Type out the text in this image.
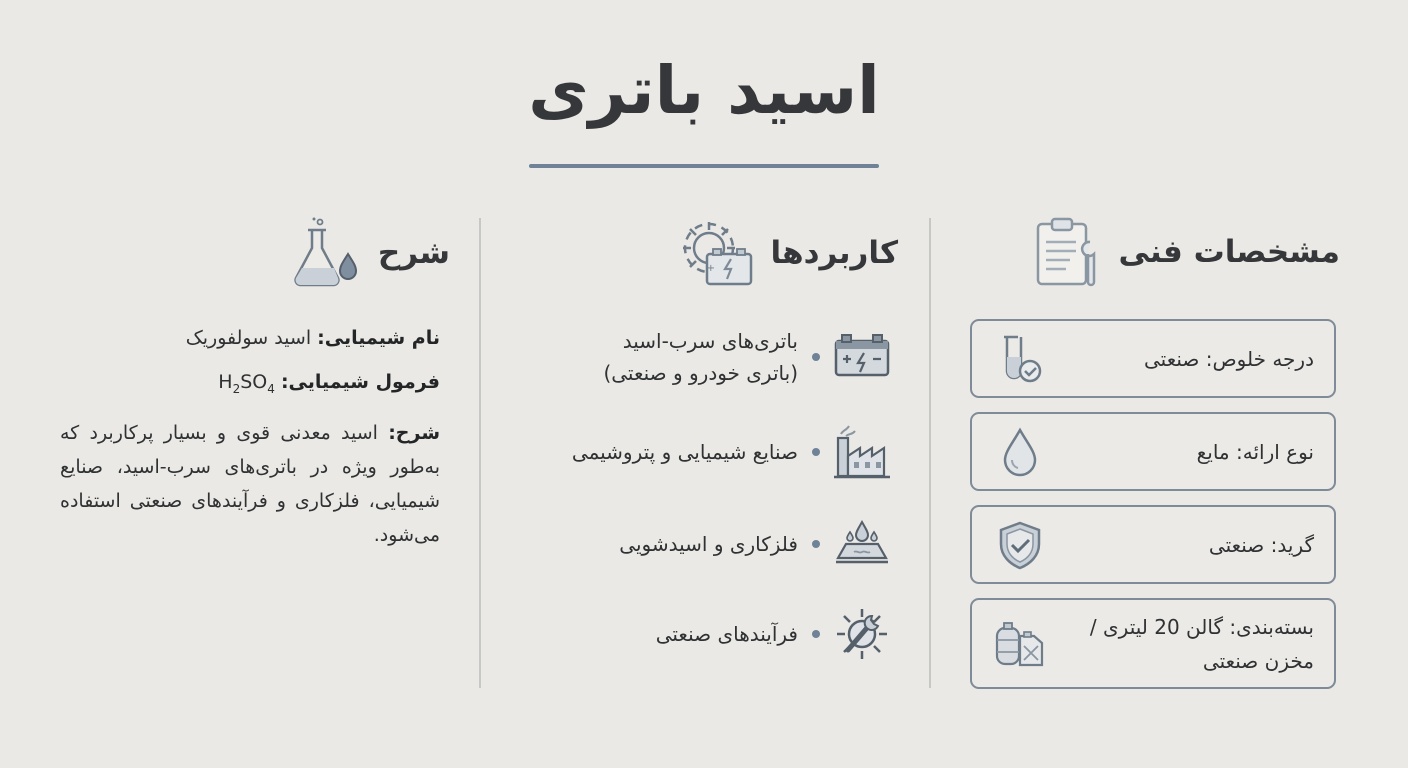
اسید باتری
مشخصات فنی
درجه خلوص: صنعتی
نوع ارائه: مایع
گرید: صنعتی
بسته‌بندی: گالن 20 لیتری / مخزن صنعتی
کاربردها
+
باتری‌های سرب-اسید (باتری خودرو و صنعتی)
صنایع شیمیایی و پتروشیمی
فلزکاری و اسیدشویی
فرآیندهای صنعتی
شرح
نام شیمیایی: اسید سولفوریک
فرمول شیمیایی: $H_2SO_4$
شرح: اسید معدنی قوی و بسیار پرکاربرد که به‌طور ویژه در باتری‌های سرب-اسید، صنایع شیمیایی، فلزکاری و فرآیندهای صنعتی استفاده می‌شود.
